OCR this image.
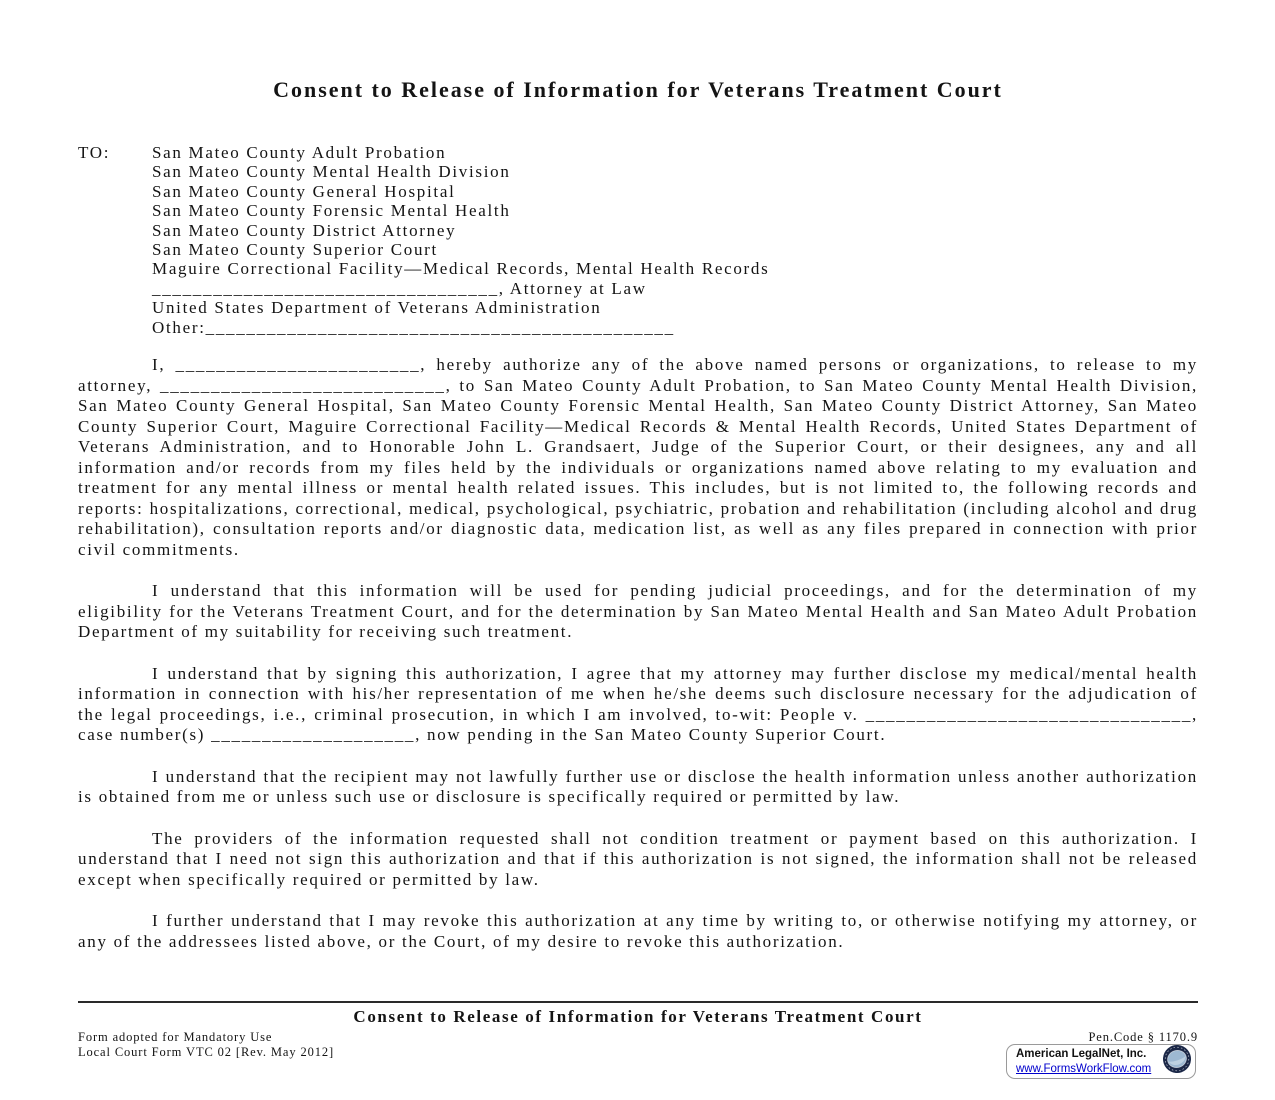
Consent to Release of Information for Veterans Treatment Court
TO:	San Mateo County Adult Probation
San Mateo County Mental Health Division
San Mateo County General Hospital
San Mateo County Forensic Mental Health
San Mateo County District Attorney
San Mateo County Superior Court
Maguire Correctional Facility—Medical Records, Mental Health Records
__________________________________, Attorney at Law
United States Department of Veterans Administration
Other:______________________________________________

I, ________________________, hereby authorize any of the above named persons or organizations, to release to my attorney, ____________________________, to San Mateo County Adult Probation, to San Mateo County Mental Health Division, San Mateo County General Hospital, San Mateo County Forensic Mental Health, San Mateo County District Attorney, San Mateo County Superior Court, Maguire Correctional Facility—Medical Records & Mental Health Records, United States Department of Veterans Administration, and to Honorable John L. Grandsaert, Judge of the Superior Court, or their designees, any and all information and/or records from my files held by the individuals or organizations named above relating to my evaluation and treatment for any mental illness or mental health related issues. This includes, but is not limited to, the following records and reports: hospitalizations, correctional, medical, psychological, psychiatric, probation and rehabilitation (including alcohol and drug rehabilitation), consultation reports and/or diagnostic data, medication list, as well as any files prepared in connection with prior civil commitments.

I understand that this information will be used for pending judicial proceedings, and for the determination of my eligibility for the Veterans Treatment Court, and for the determination by San Mateo Mental Health and San Mateo Adult Probation Department of my suitability for receiving such treatment.

I understand that by signing this authorization, I agree that my attorney may further disclose my medical/mental health information in connection with his/her representation of me when he/she deems such disclosure necessary for the adjudication of the legal proceedings, i.e., criminal prosecution, in which I am involved, to-wit: People v. ________________________________, case number(s) ____________________, now pending in the San Mateo County Superior Court.

I understand that the recipient may not lawfully further use or disclose the health information unless another authorization is obtained from me or unless such use or disclosure is specifically required or permitted by law.

The providers of the information requested shall not condition treatment or payment based on this authorization. I understand that I need not sign this authorization and that if this authorization is not signed, the information shall not be released except when specifically required or permitted by law.

I further understand that I may revoke this authorization at any time by writing to, or otherwise notifying my attorney, or any of the addressees listed above, or the Court, of my desire to revoke this authorization.

Consent to Release of Information for Veterans Treatment Court
Form adopted for Mandatory Use
Local Court Form VTC 02 [Rev. May 2012]
Pen.Code § 1170.9
American LegalNet, Inc.
www.FormsWorkFlow.com
